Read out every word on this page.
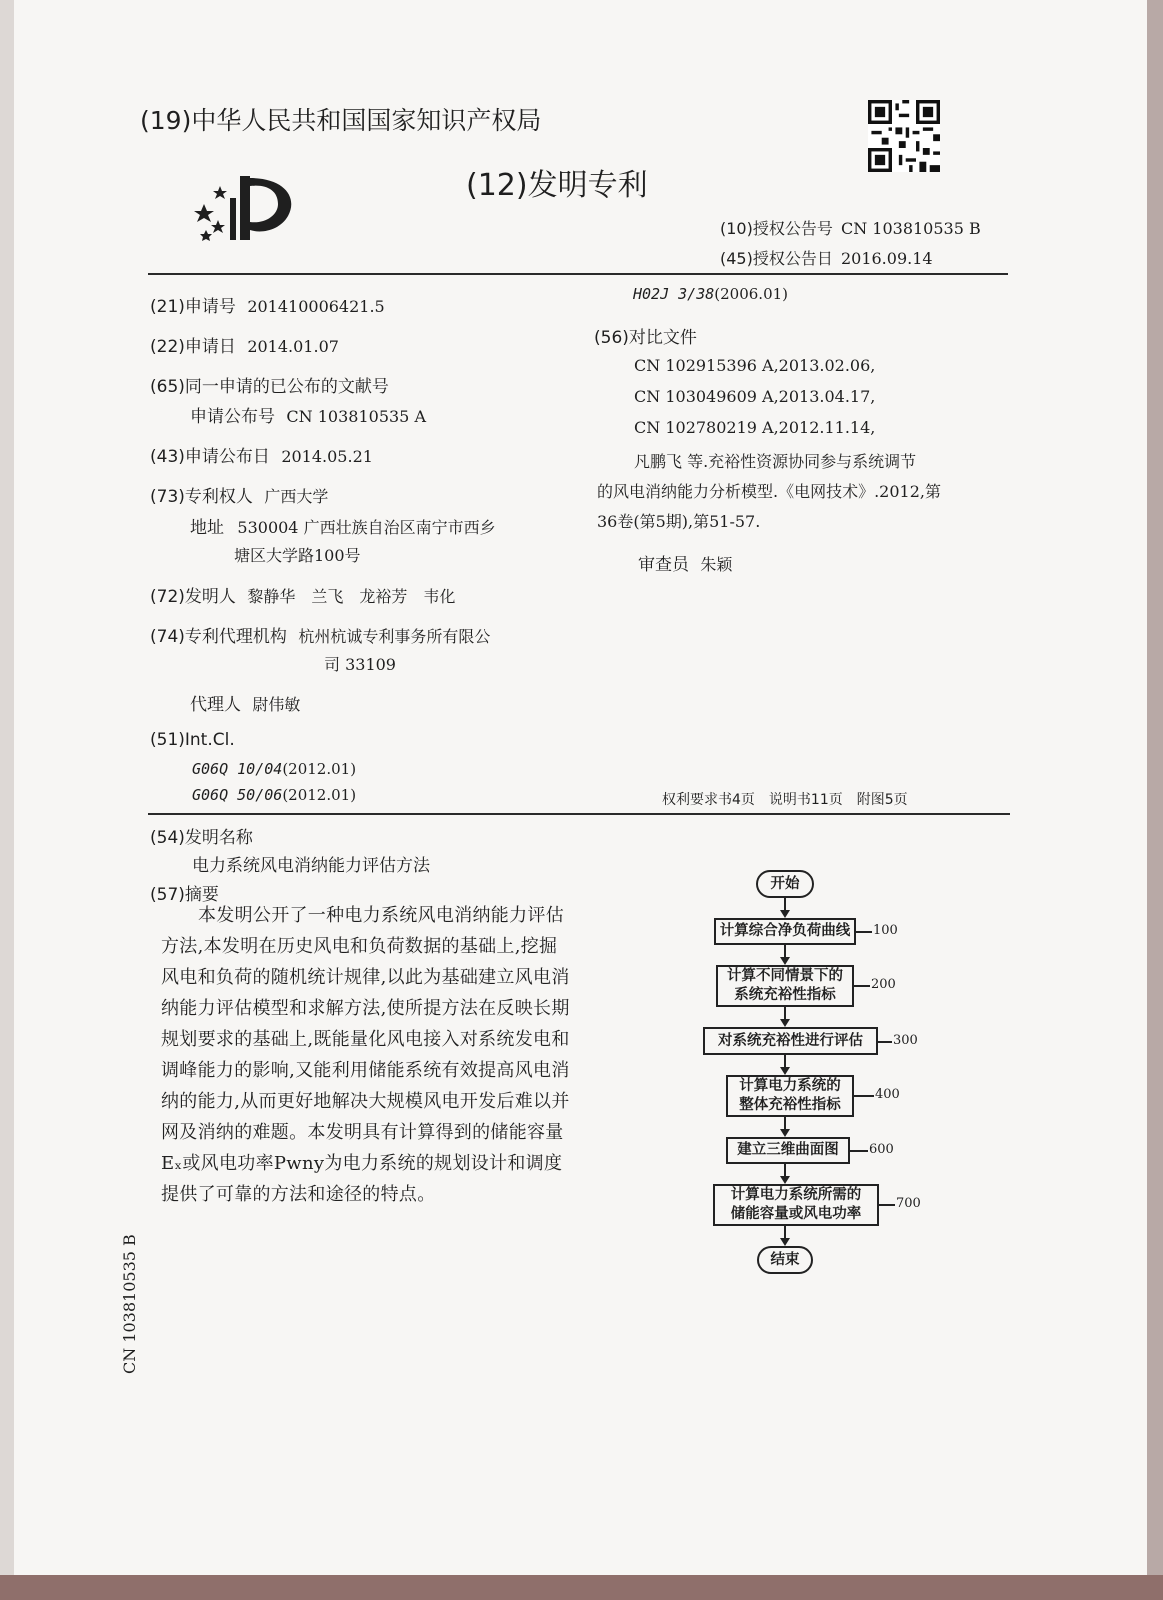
(19)中华人民共和国国家知识产权局
(12)发明专利
(10)授权公告号 CN 103810535 B
(45)授权公告日 2016.09.14
(21)申请号 201410006421.5
(22)申请日 2014.01.07
(65)同一申请的已公布的文献号
申请公布号 CN 103810535 A
(43)申请公布日 2014.05.21
(73)专利权人 广西大学
地址 530004 广西壮族自治区南宁市西乡
塘区大学路100号
(72)发明人 黎静华　兰飞　龙裕芳　韦化
(74)专利代理机构 杭州杭诚专利事务所有限公
司 33109
代理人 尉伟敏
(51)Int.Cl.
G06Q 10/04(2012.01)
G06Q 50/06(2012.01)
H02J 3/38(2006.01)
(56)对比文件
CN 102915396 A,2013.02.06,
CN 103049609 A,2013.04.17,
CN 102780219 A,2012.11.14,
凡鹏飞 等.充裕性资源协同参与系统调节
的风电消纳能力分析模型.《电网技术》.2012,第
36卷(第5期),第51-57.
审查员 朱颖
权利要求书4页　说明书11页　附图5页
(54)发明名称
电力系统风电消纳能力评估方法
(57)摘要
本发明公开了一种电力系统风电消纳能力评估方法,本发明在历史风电和负荷数据的基础上,挖掘风电和负荷的随机统计规律,以此为基础建立风电消纳能力评估模型和求解方法,使所提方法在反映长期规划要求的基础上,既能量化风电接入对系统发电和调峰能力的影响,又能利用储能系统有效提高风电消纳的能力,从而更好地解决大规模风电开发后难以并网及消纳的难题。本发明具有计算得到的储能容量Eₓ或风电功率Pwny为电力系统的规划设计和调度提供了可靠的方法和途径的特点。
开始
计算综合净负荷曲线	100
计算不同情景下的
系统充裕性指标
200
对系统充裕性进行评估	300
计算电力系统的
整体充裕性指标
400
建立三维曲面图	600
计算电力系统所需的
储能容量或风电功率
700
结束
CN 103810535 B
